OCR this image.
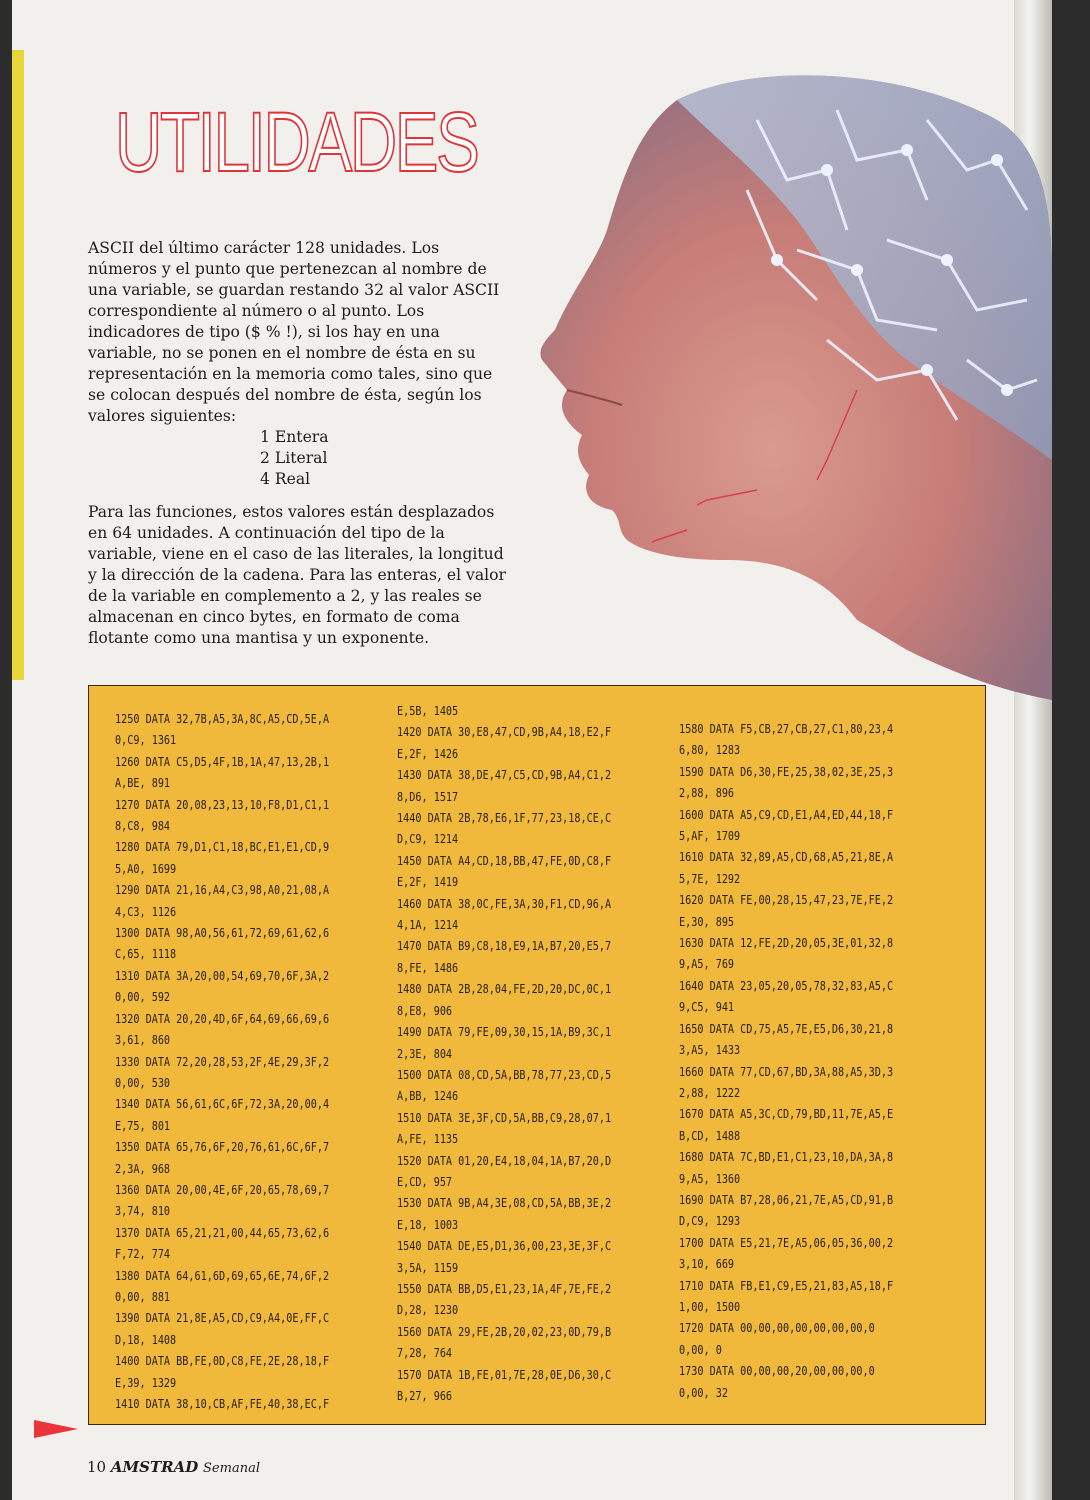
UTILIDADES

ASCII del último carácter 128 unidades. Los números y el punto que pertenezcan al nombre de una variable, se guardan restando 32 al valor ASCII correspondiente al número o al punto. Los indicadores de tipo ($ % !), si los hay en una variable, no se ponen en el nombre de ésta en su representación en la memoria como tales, sino que se colocan después del nombre de ésta, según los valores siguientes:

1 Entera
2 Literal
4 Real

Para las funciones, estos valores están desplazados en 64 unidades. A continuación del tipo de la variable, viene en el caso de las literales, la longitud y la dirección de la cadena. Para las enteras, el valor de la variable en complemento a 2, y las reales se almacenan en cinco bytes, en formato de coma flotante como una mantisa y un exponente.

1250 DATA 32,7B,A5,3A,8C,A5,CD,5E,A
0,C9, 1361
1260 DATA C5,D5,4F,1B,1A,47,13,2B,1
A,BE, 891
1270 DATA 20,08,23,13,10,F8,D1,C1,1
8,C8, 984
1280 DATA 79,D1,C1,18,BC,E1,E1,CD,9
5,A0, 1699
1290 DATA 21,16,A4,C3,98,A0,21,08,A
4,C3, 1126
1300 DATA 98,A0,56,61,72,69,61,62,6
C,65, 1118
1310 DATA 3A,20,00,54,69,70,6F,3A,2
0,00, 592
1320 DATA 20,20,4D,6F,64,69,66,69,6
3,61, 860
1330 DATA 72,20,28,53,2F,4E,29,3F,2
0,00, 530
1340 DATA 56,61,6C,6F,72,3A,20,00,4
E,75, 801
1350 DATA 65,76,6F,20,76,61,6C,6F,7
2,3A, 968
1360 DATA 20,00,4E,6F,20,65,78,69,7
3,74, 810
1370 DATA 65,21,21,00,44,65,73,62,6
F,72, 774
1380 DATA 64,61,6D,69,65,6E,74,6F,2
0,00, 881
1390 DATA 21,8E,A5,CD,C9,A4,0E,FF,C
D,18, 1408
1400 DATA BB,FE,0D,C8,FE,2E,28,18,F
E,39, 1329
1410 DATA 38,10,CB,AF,FE,40,38,EC,F
E,5B, 1405
1420 DATA 30,E8,47,CD,9B,A4,18,E2,F
E,2F, 1426
1430 DATA 38,DE,47,C5,CD,9B,A4,C1,2
8,D6, 1517
1440 DATA 2B,78,E6,1F,77,23,18,CE,C
D,C9, 1214
1450 DATA A4,CD,18,BB,47,FE,0D,C8,F
E,2F, 1419
1460 DATA 38,0C,FE,3A,30,F1,CD,96,A
4,1A, 1214
1470 DATA B9,C8,18,E9,1A,B7,20,E5,7
8,FE, 1486
1480 DATA 2B,28,04,FE,2D,20,DC,0C,1
8,E8, 906
1490 DATA 79,FE,09,30,15,1A,B9,3C,1
2,3E, 804
1500 DATA 08,CD,5A,BB,78,77,23,CD,5
A,BB, 1246
1510 DATA 3E,3F,CD,5A,BB,C9,28,07,1
A,FE, 1135
1520 DATA 01,20,E4,18,04,1A,B7,20,D
E,CD, 957
1530 DATA 9B,A4,3E,08,CD,5A,BB,3E,2
E,18, 1003
1540 DATA DE,E5,D1,36,00,23,3E,3F,C
3,5A, 1159
1550 DATA BB,D5,E1,23,1A,4F,7E,FE,2
D,28, 1230
1560 DATA 29,FE,2B,20,02,23,0D,79,B
7,28, 764
1570 DATA 1B,FE,01,7E,28,0E,D6,30,C
B,27, 966
1580 DATA F5,CB,27,CB,27,C1,80,23,4
6,80, 1283
1590 DATA D6,30,FE,25,38,02,3E,25,3
2,88, 896
1600 DATA A5,C9,CD,E1,A4,ED,44,18,F
5,AF, 1709
1610 DATA 32,89,A5,CD,68,A5,21,8E,A
5,7E, 1292
1620 DATA FE,00,28,15,47,23,7E,FE,2
E,30, 895
1630 DATA 12,FE,2D,20,05,3E,01,32,8
9,A5, 769
1640 DATA 23,05,20,05,78,32,83,A5,C
9,C5, 941
1650 DATA CD,75,A5,7E,E5,D6,30,21,8
3,A5, 1433
1660 DATA 77,CD,67,BD,3A,88,A5,3D,3
2,88, 1222
1670 DATA A5,3C,CD,79,BD,11,7E,A5,E
B,CD, 1488
1680 DATA 7C,BD,E1,C1,23,10,DA,3A,8
9,A5, 1360
1690 DATA B7,28,06,21,7E,A5,CD,91,B
D,C9, 1293
1700 DATA E5,21,7E,A5,06,05,36,00,2
3,10, 669
1710 DATA FB,E1,C9,E5,21,83,A5,18,F
1,00, 1500
1720 DATA 00,00,00,00,00,00,00,0
0,00, 0
1730 DATA 00,00,00,20,00,00,00,0
0,00, 32
10 AMSTRAD Semanal
